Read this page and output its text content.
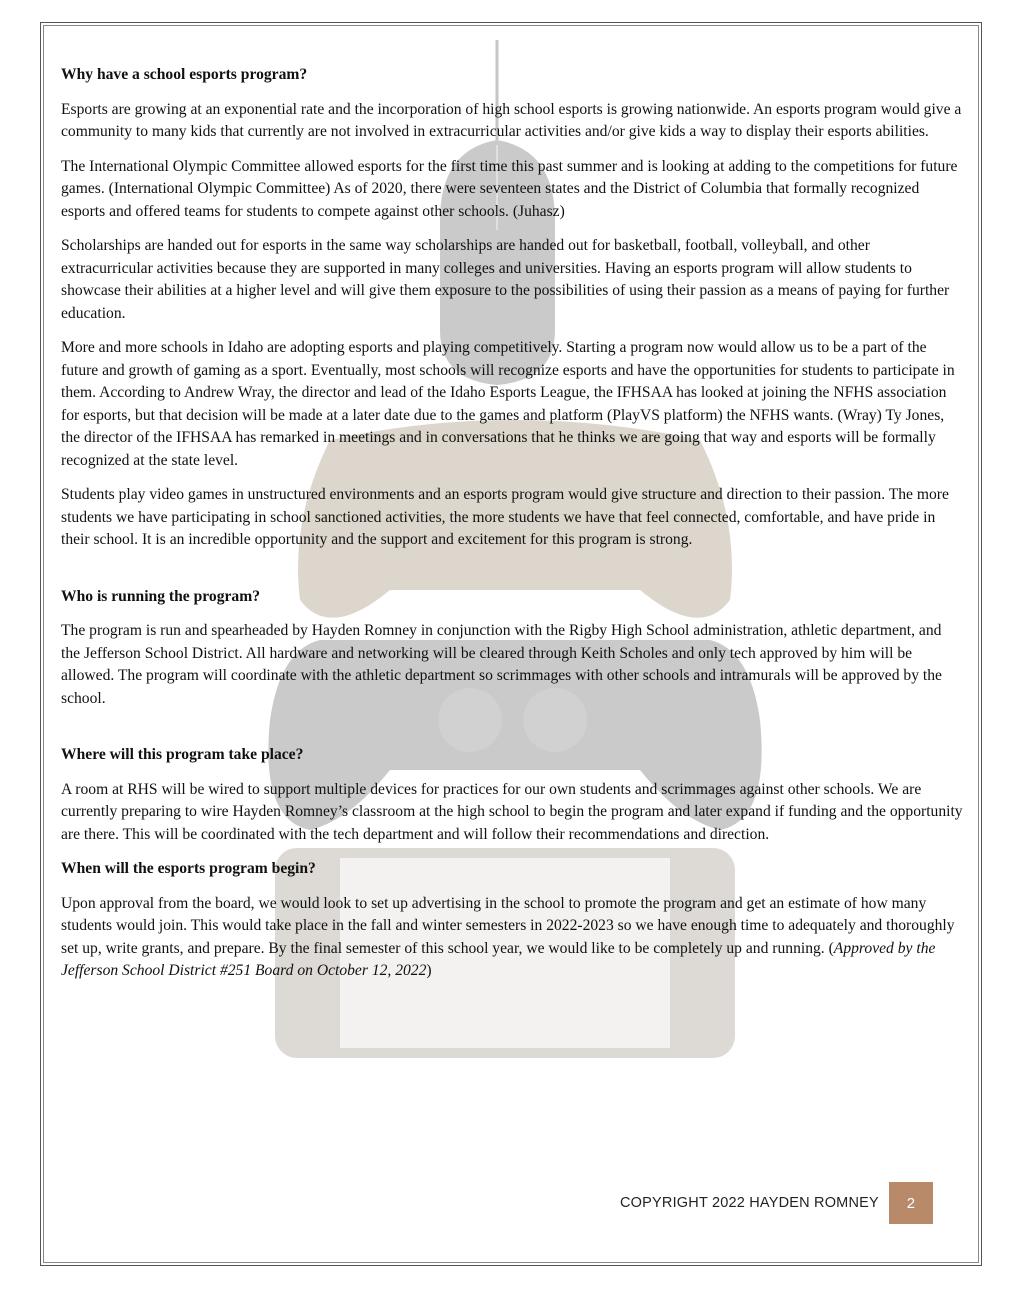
Why have a school esports program?

Esports are growing at an exponential rate and the incorporation of high school esports is growing nationwide. An esports program would give a community to many kids that currently are not involved in extracurricular activities and/or give kids a way to display their esports abilities.

The International Olympic Committee allowed esports for the first time this past summer and is looking at adding to the competitions for future games. (International Olympic Committee) As of 2020, there were seventeen states and the District of Columbia that formally recognized esports and offered teams for students to compete against other schools. (Juhasz)

Scholarships are handed out for esports in the same way scholarships are handed out for basketball, football, volleyball, and other extracurricular activities because they are supported in many colleges and universities. Having an esports program will allow students to showcase their abilities at a higher level and will give them exposure to the possibilities of using their passion as a means of paying for further education.

More and more schools in Idaho are adopting esports and playing competitively. Starting a program now would allow us to be a part of the future and growth of gaming as a sport. Eventually, most schools will recognize esports and have the opportunities for students to participate in them. According to Andrew Wray, the director and lead of the Idaho Esports League, the IFHSAA has looked at joining the NFHS association for esports, but that decision will be made at a later date due to the games and platform (PlayVS platform) the NFHS wants. (Wray) Ty Jones, the director of the IFHSAA has remarked in meetings and in conversations that he thinks we are going that way and esports will be formally recognized at the state level.

Students play video games in unstructured environments and an esports program would give structure and direction to their passion. The more students we have participating in school sanctioned activities, the more students we have that feel connected, comfortable, and have pride in their school. It is an incredible opportunity and the support and excitement for this program is strong.

Who is running the program?

The program is run and spearheaded by Hayden Romney in conjunction with the Rigby High School administration, athletic department, and the Jefferson School District. All hardware and networking will be cleared through Keith Scholes and only tech approved by him will be allowed. The program will coordinate with the athletic department so scrimmages with other schools and intramurals will be approved by the school.

Where will this program take place?

A room at RHS will be wired to support multiple devices for practices for our own students and scrimmages against other schools. We are currently preparing to wire Hayden Romney’s classroom at the high school to begin the program and later expand if funding and the opportunity are there. This will be coordinated with the tech department and will follow their recommendations and direction.

When will the esports program begin?

Upon approval from the board, we would look to set up advertising in the school to promote the program and get an estimate of how many students would join. This would take place in the fall and winter semesters in 2022-2023 so we have enough time to adequately and thoroughly set up, write grants, and prepare. By the final semester of this school year, we would like to be completely up and running. (Approved by the Jefferson School District #251 Board on October 12, 2022)

COPYRIGHT 2022 HAYDEN ROMNEY	2
